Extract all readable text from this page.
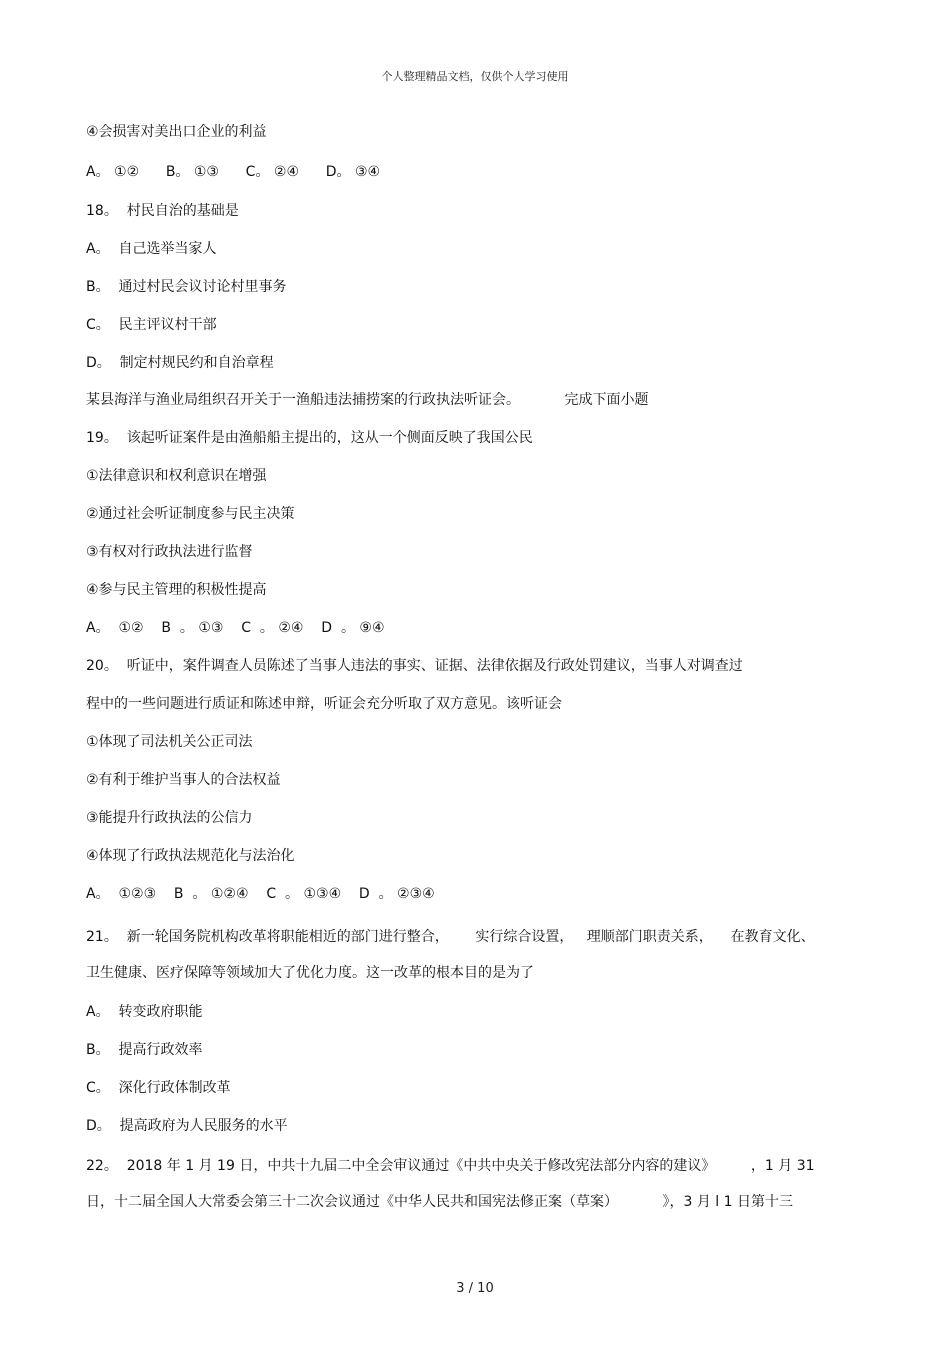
个人整理精品文档，仅供个人学习使用
④会损害对美出口企业的利益
A。 ①②      B。 ①③      C。 ②④      D。 ③④
18。  村民自治的基础是
A。  自己选举当家人
B。  通过村民会议讨论村里事务
C。  民主评议村干部
D。  制定村规民约和自治章程
某县海洋与渔业局组织召开关于一渔船违法捕捞案的行政执法听证会。          完成下面小题
19。  该起听证案件是由渔船船主提出的，这从一个侧面反映了我国公民
①法律意识和权利意识在增强
②通过社会听证制度参与民主决策
③有权对行政执法进行监督
④参与民主管理的积极性提高
A。  ①②    B  。 ①③    C  。 ②④    D  。 ⑨④
20。  听证中，案件调查人员陈述了当事人违法的事实、证据、法律依据及行政处罚建议，当事人对调查过
程中的一些问题进行质证和陈述申辩，听证会充分听取了双方意见。该听证会
①体现了司法机关公正司法
②有利于维护当事人的合法权益
③能提升行政执法的公信力
④体现了行政执法规范化与法治化
A。  ①②③    B  。 ①②④    C  。 ①③④    D  。 ②③④
21。  新一轮国务院机构改革将职能相近的部门进行整合，      实行综合设置，   理顺部门职责关系，    在教育文化、
卫生健康、医疗保障等领域加大了优化力度。这一改革的根本目的是为了
A。  转变政府职能
B。  提高行政效率
C。  深化行政体制改革
D。  提高政府为人民服务的水平
22。  2018 年 1 月 19 日，中共十九届二中全会审议通过《中共中央关于修改宪法部分内容的建议》        ，1 月 31
日，十二届全国人大常委会第三十二次会议通过《中华人民共和国宪法修正案（草案）          》，3 月 l 1 日第十三
3 / 10
